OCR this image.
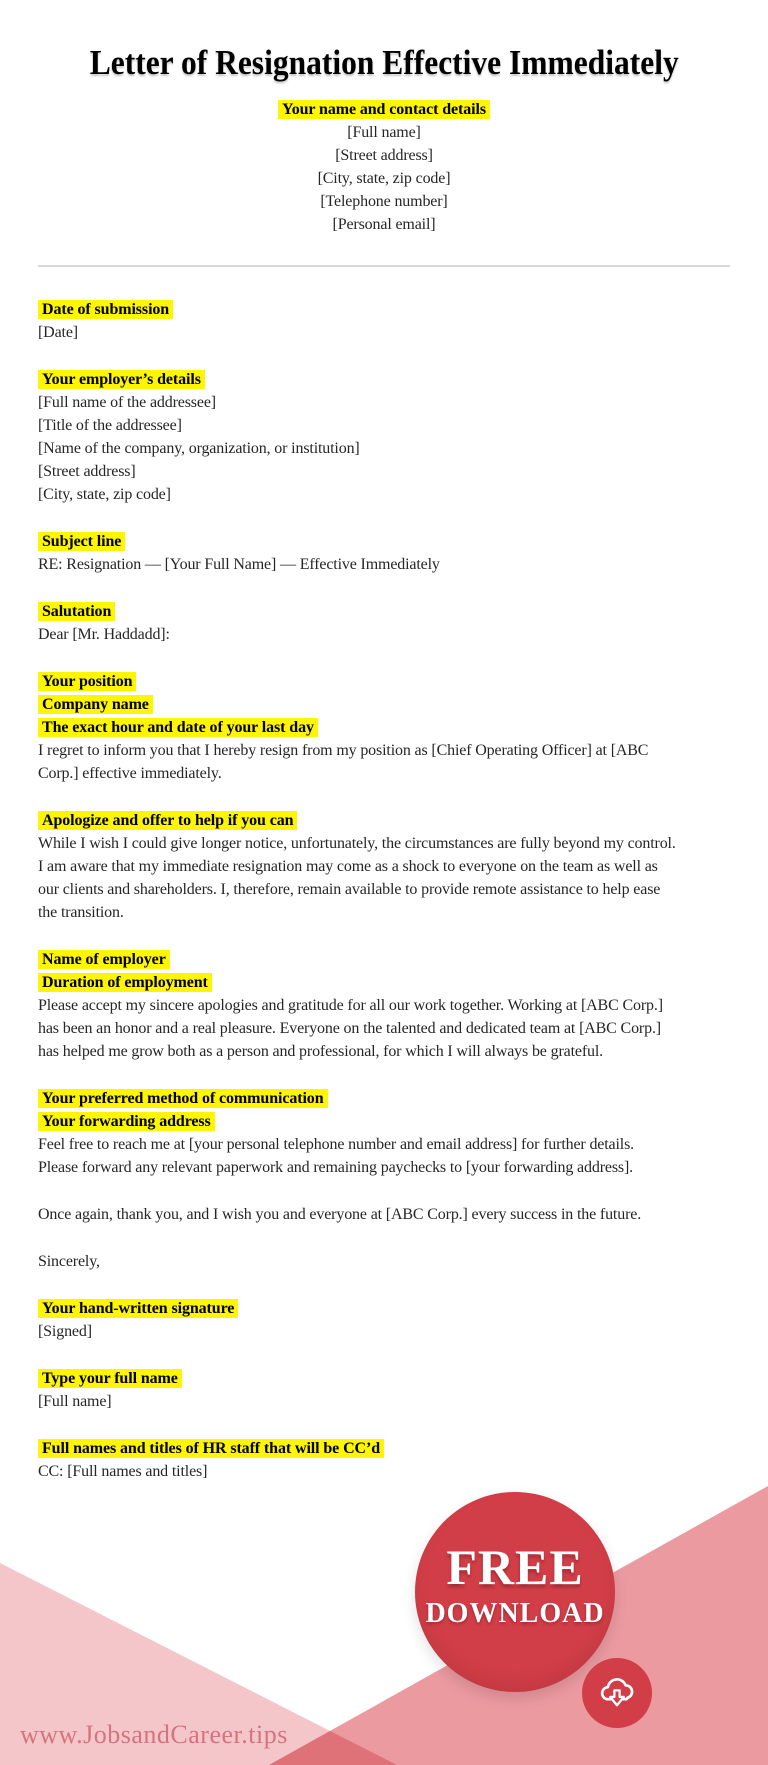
Letter of Resignation Effective Immediately
Your name and contact details
[Full name]
[Street address]
[City, state, zip code]
[Telephone number]
[Personal email]
Date of submission
[Date]
Your employer’s details
[Full name of the addressee]
[Title of the addressee]
[Name of the company, organization, or institution]
[Street address]
[City, state, zip code]
Subject line
RE: Resignation — [Your Full Name] — Effective Immediately
Salutation
Dear [Mr. Haddadd]:
Your position
Company name
The exact hour and date of your last day
I regret to inform you that I hereby resign from my position as [Chief Operating Officer] at [ABC
Corp.] effective immediately.
Apologize and offer to help if you can
While I wish I could give longer notice, unfortunately, the circumstances are fully beyond my control.
I am aware that my immediate resignation may come as a shock to everyone on the team as well as
our clients and shareholders. I, therefore, remain available to provide remote assistance to help ease
the transition.
Name of employer
Duration of employment
Please accept my sincere apologies and gratitude for all our work together. Working at [ABC Corp.]
has been an honor and a real pleasure. Everyone on the talented and dedicated team at [ABC Corp.]
has helped me grow both as a person and professional, for which I will always be grateful.
Your preferred method of communication
Your forwarding address
Feel free to reach me at [your personal telephone number and email address] for further details.
Please forward any relevant paperwork and remaining paychecks to [your forwarding address].
Once again, thank you, and I wish you and everyone at [ABC Corp.] every success in the future.
Sincerely,
Your hand-written signature
[Signed]
Type your full name
[Full name]
Full names and titles of HR staff that will be CC’d
CC: [Full names and titles]
FREE
DOWNLOAD
www.JobsandCareer.tips
